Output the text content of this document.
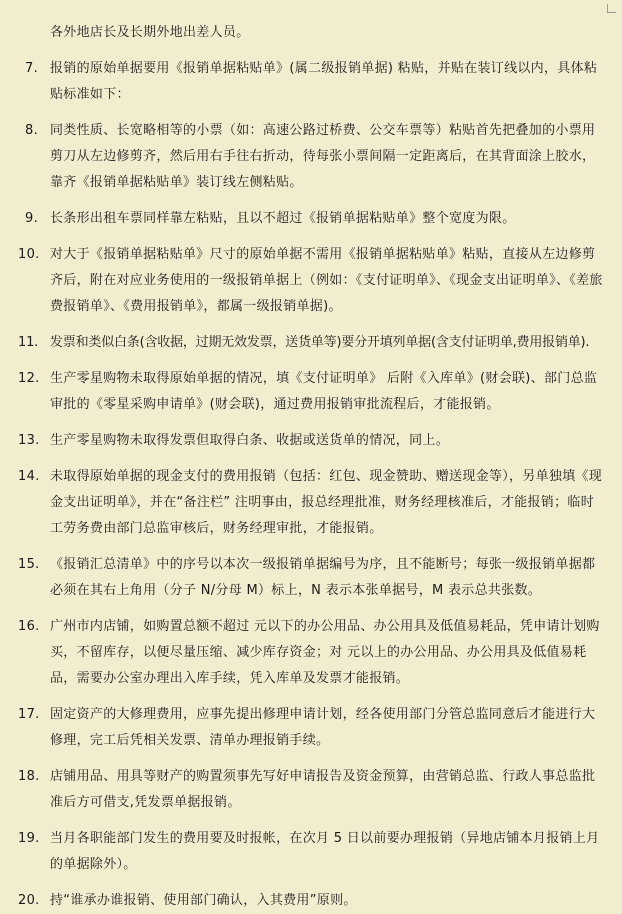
各外地店长及长期外地出差人员。
7. 报销的原始单据要用《报销单据粘贴单》(属二级报销单据) 粘贴，并贴在装订线以内，具体粘贴标准如下：
8. 同类性质、长宽略相等的小票（如：高速公路过桥费、公交车票等）粘贴首先把叠加的小票用剪刀从左边修剪齐，然后用右手往右折动，待每张小票间隔一定距离后，在其背面涂上胶水，靠齐《报销单据粘贴单》装订线左侧粘贴。
9. 长条形出租车票同样靠左粘贴，且以不超过《报销单据粘贴单》整个宽度为限。
10. 对大于《报销单据粘贴单》尺寸的原始单据不需用《报销单据粘贴单》粘贴，直接从左边修剪齐后，附在对应业务使用的一级报销单据上（例如：《支付证明单》、《现金支出证明单》、《差旅费报销单》、《费用报销单》，都属一级报销单据)。
11. 发票和类似白条(含收据，过期无效发票，送货单等)要分开填列单据(含支付证明单,费用报销单).
12. 生产零星购物未取得原始单据的情况，填《支付证明单》 后附《入库单》(财会联)、部门总监审批的《零星采购申请单》(财会联)，通过费用报销审批流程后，才能报销。
13. 生产零星购物未取得发票但取得白条、收据或送货单的情况，同上。
14. 未取得原始单据的现金支付的费用报销（包括：红包、现金赞助、赠送现金等），另单独填《现金支出证明单》，并在“备注栏” 注明事由，报总经理批准，财务经理核准后，才能报销；临时工劳务费由部门总监审核后，财务经理审批，才能报销。
15. 《报销汇总清单》中的序号以本次一级报销单据编号为序，且不能断号；每张一级报销单据都必须在其右上角用（分子 N/分母 M）标上，N 表示本张单据号，M 表示总共张数。
16. 广州市内店铺，如购置总额不超过 元以下的办公用品、办公用具及低值易耗品，凭申请计划购买，不留库存，以便尽量压缩、减少库存资金；对 元以上的办公用品、办公用具及低值易耗品，需要办公室办理出入库手续，凭入库单及发票才能报销。
17. 固定资产的大修理费用，应事先提出修理申请计划，经各使用部门分管总监同意后才能进行大修理，完工后凭相关发票、清单办理报销手续。
18. 店铺用品、用具等财产的购置须事先写好申请报告及资金预算，由营销总监、行政人事总监批准后方可借支,凭发票单据报销。
19. 当月各职能部门发生的费用要及时报帐，在次月 5 日以前要办理报销（异地店铺本月报销上月的单据除外）。
20. 持“谁承办谁报销、使用部门确认，入其费用”原则。
